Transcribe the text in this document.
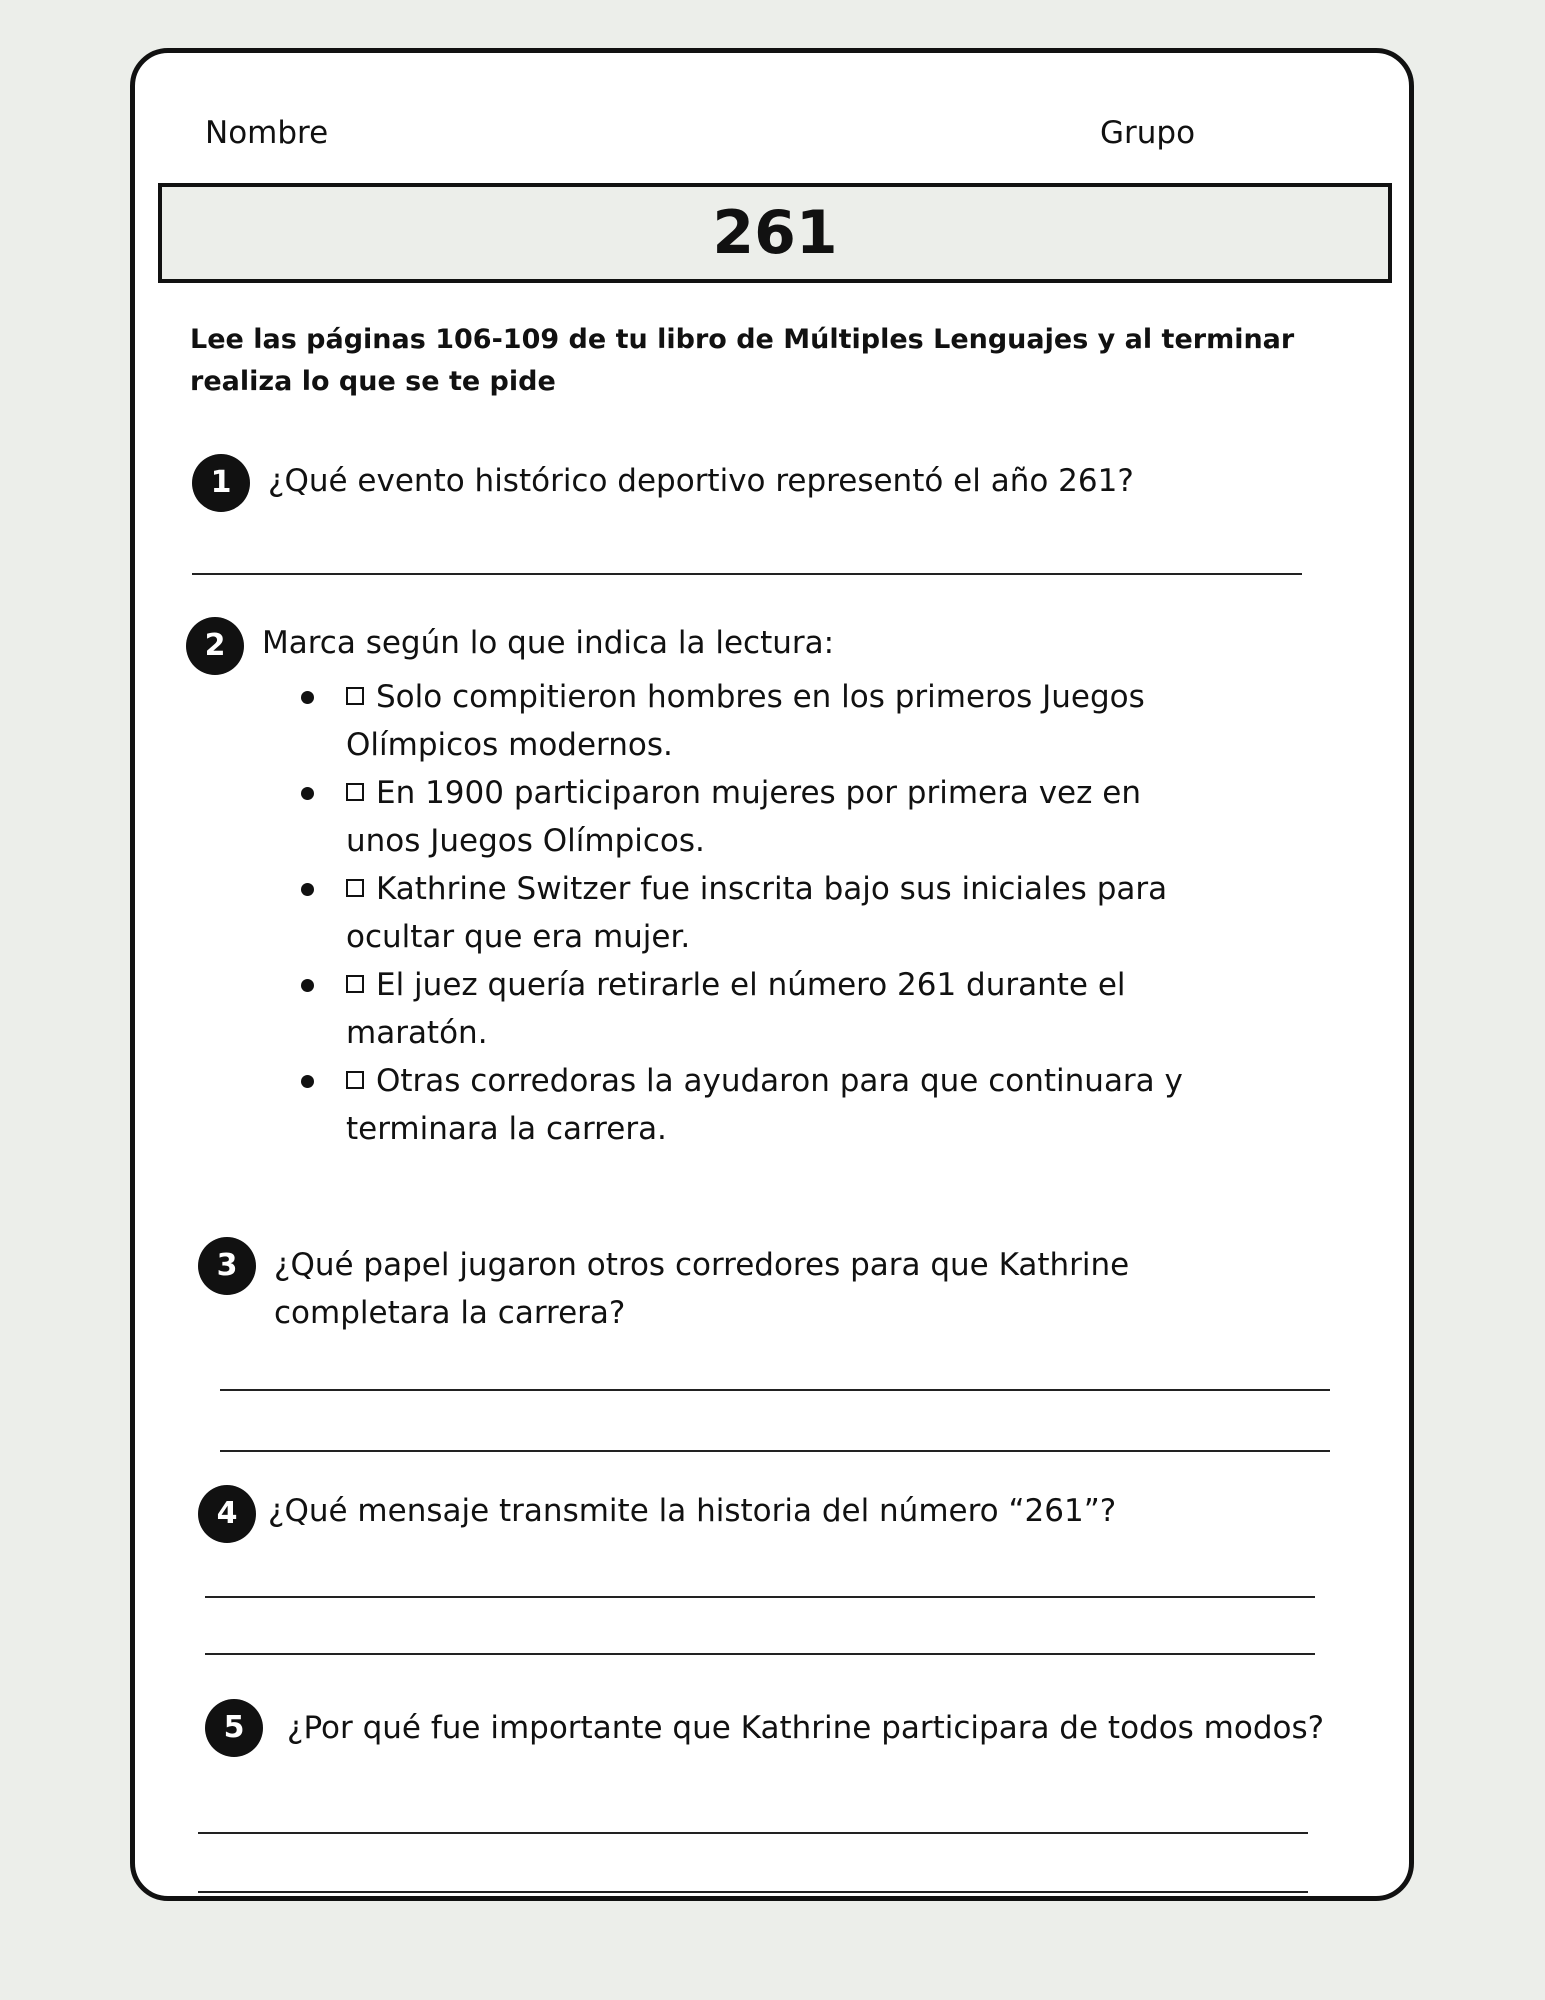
Nombre	Grupo
261
Lee las páginas 106-109 de tu libro de Múltiples Lenguajes y al terminar realiza lo que se te pide
1	¿Qué evento histórico deportivo representó el año 261?
2	Marca según lo que indica la lectura:
Solo compitieron hombres en los primeros Juegos Olímpicos modernos.
En 1900 participaron mujeres por primera vez en unos Juegos Olímpicos.
Kathrine Switzer fue inscrita bajo sus iniciales para ocultar que era mujer.
El juez quería retirarle el número 261 durante el maratón.
Otras corredoras la ayudaron para que continuara y terminara la carrera.
3	¿Qué papel jugaron otros corredores para que Kathrine completara la carrera?
4 ¿Qué mensaje transmite la historia del número “261”?
5	¿Por qué fue importante que Kathrine participara de todos modos?
